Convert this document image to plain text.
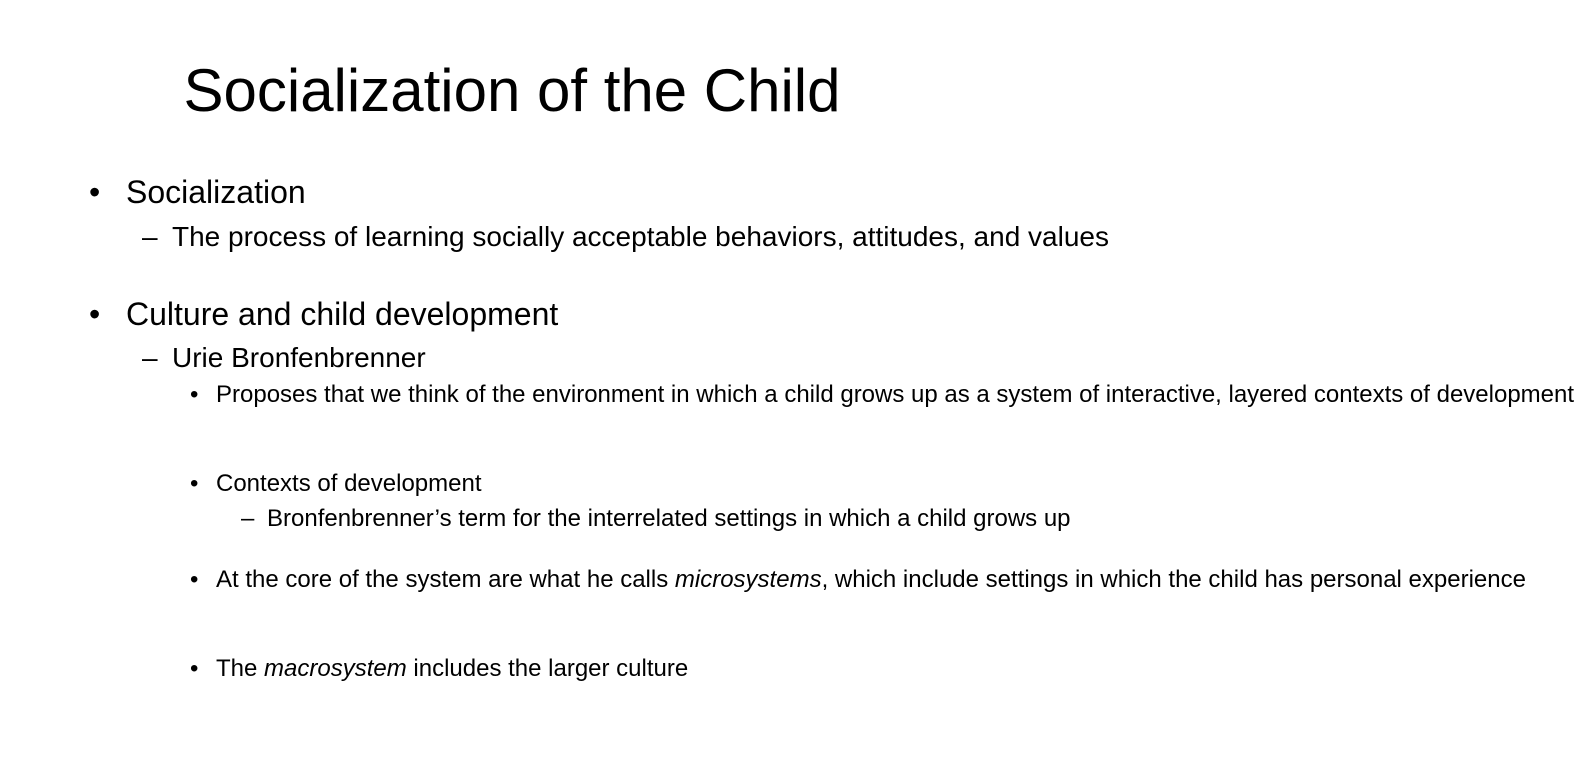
Socialization of the Child
• Socialization
– The process of learning socially acceptable behaviors, attitudes, and values
• Culture and child development
– Urie Bronfenbrenner
• Proposes that we think of the environment in which a child grows up as a system of interactive, layered contexts of development
• Contexts of development
– Bronfenbrenner’s term for the interrelated settings in which a child grows up
• At the core of the system are what he calls microsystems, which include settings in which the child has personal experience
• The macrosystem includes the larger culture
